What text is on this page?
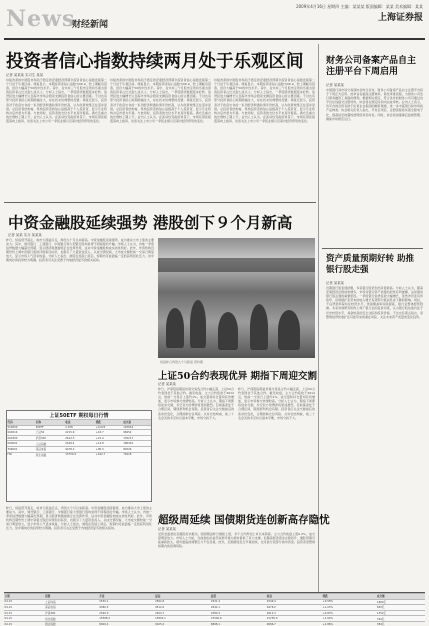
News
财经新闻
2009年4月16日 星期四 主编：某某某 版面编辑：某某 美术编辑：某某
上海证券报
投资者信心指数持续两月处于乐观区间
记者 某某某 实习生 某某
持续改善的中国股市和趋于稳定的宏观经济预期令投资者信心指数连续第二个月处于乐观区间。调查显示，本期投资者信心指数为66.9，较上期略有回落，但仍大幅高于50的中性水平。其中，对未来三个月股市走势持乐观态度的投资者占比达到七成以上。分析人士指出，一季度经济数据逐步好转、信贷投放大幅增长以及海外市场企稳是支撑投资者信心的主要因素。不过也有部分投资者担心短期涨幅过大，存在技术性调整的需要。调查还显示，投资者对于政府出台的一系列经济刺激政策评价较高，认为政策效果正在逐步显现。从投资者结构看，机构投资者的信心指数高于个人投资者，显示专业机构对后市更为乐观。与此同时，投资者的仓位水平也有所提高，满仓及重仓的比例较上期上升。业内人士认为，在流动性充裕的背景下，市场有望延续震荡向上格局，但需关注上市公司一季报业绩以及海外经济形势的变化。
持续改善的中国股市和趋于稳定的宏观经济预期令投资者信心指数连续第二个月处于乐观区间。调查显示，本期投资者信心指数为66.9，较上期略有回落，但仍大幅高于50的中性水平。其中，对未来三个月股市走势持乐观态度的投资者占比达到七成以上。分析人士指出，一季度经济数据逐步好转、信贷投放大幅增长以及海外市场企稳是支撑投资者信心的主要因素。不过也有部分投资者担心短期涨幅过大，存在技术性调整的需要。调查还显示，投资者对于政府出台的一系列经济刺激政策评价较高，认为政策效果正在逐步显现。从投资者结构看，机构投资者的信心指数高于个人投资者，显示专业机构对后市更为乐观。与此同时，投资者的仓位水平也有所提高，满仓及重仓的比例较上期上升。业内人士认为，在流动性充裕的背景下，市场有望延续震荡向上格局，但需关注上市公司一季报业绩以及海外经济形势的变化。
持续改善的中国股市和趋于稳定的宏观经济预期令投资者信心指数连续第二个月处于乐观区间。调查显示，本期投资者信心指数为66.9，较上期略有回落，但仍大幅高于50的中性水平。其中，对未来三个月股市走势持乐观态度的投资者占比达到七成以上。分析人士指出，一季度经济数据逐步好转、信贷投放大幅增长以及海外市场企稳是支撑投资者信心的主要因素。不过也有部分投资者担心短期涨幅过大，存在技术性调整的需要。调查还显示，投资者对于政府出台的一系列经济刺激政策评价较高，认为政策效果正在逐步显现。从投资者结构看，机构投资者的信心指数高于个人投资者，显示专业机构对后市更为乐观。与此同时，投资者的仓位水平也有所提高，满仓及重仓的比例较上期上升。业内人士认为，在流动性充裕的背景下，市场有望延续震荡向上格局，但需关注上市公司一季报业绩以及海外经济形势的变化。
财务公司备案产品自主注册平台下周启用
记者 某某某
中国银行间市场交易商协会昨日宣布，财务公司备案产品自主注册平台将于下周正式启用。此举旨在提高注册效率，简化审批流程，为财务公司发行债务融资工具提供便利。根据相关规定，符合条件的财务公司可通过该平台在线提交注册材料，协会将在规定时间内完成审核。业内人士表示，该平台的启用有助于拓宽企业集团的融资渠道，进一步丰富银行间市场的产品种类。协会相关负责人指出，平台启用后，注册流程将实现全程电子化，提高信息披露的透明度和及时性。同时，协会将加强事后监督管理，确保市场规范运行。
中资金融股延续强势 港股创下９个月新高
记者 某某 实习 某某某
昨日，恒指低开高走，收市大涨逾百点，再创九个月以来新高。中资金融股延续强势，成为推动大市上涨的主要动力。其中，建设银行、工商银行、中国银行等大型银行股均录得不同程度的升幅。市场人士认为，内地一季度信贷数据大幅超出预期，显示经济刺激措施正在发挥作用，这对中资金融股构成实质性利好。此外，外资机构近期纷纷上调中资银行股的评级和目标价，也吸引了大量资金流入。从成交情况看，大市成交额较前一交易日明显放大，显示市场人气逐步恢复。分析人士指出，港股在连续上涨后，短期内可能面临一定的获利回吐压力，但中期向好的趋势较为明确。投资者可关注受惠于内地经济复苏的相关板块。
恒指昨日再创九个月新高 资料图
上证50ETF 期权每日行情
代码	名称	收盘	涨跌	成交量
510050	50ETF	2.358	+0.023	125634
000016	上证50	2215.6	+18.7	98452
000300	沪深300	2612.3	+21.4	135217
000001	上证指数	2549.4	+14.8	186402
399001	深证成指	9478.2	+96.3	84526
HSI	恒生指数	15750.9	+162.7	76218
上证50合约表现优异 期指下周迎交割
记者 某某某
昨日，沪深股指期货仿真交易各合约小幅走高，上证50合约表现优于其他合约。截至收盘，主力合约报收于2612点，较前一交易日上涨约1%。成交量和持仓量均有所增加，显示市场参与热情较高。分析人士认为，期指下周即将迎来交割，多空双方的博弈将更加激烈。目前基差处于合理区间，期现套利机会有限。投资者应关注交割前后的流动性变化，合理控制仓位风险。从持仓结构看，前二十名会员的多空持仓基本平衡，市场分歧不大。
昨日，沪深股指期货仿真交易各合约小幅走高，上证50合约表现优于其他合约。截至收盘，主力合约报收于2612点，较前一交易日上涨约1%。成交量和持仓量均有所增加，显示市场参与热情较高。分析人士认为，期指下周即将迎来交割，多空双方的博弈将更加激烈。目前基差处于合理区间，期现套利机会有限。投资者应关注交割前后的流动性变化，合理控制仓位风险。从持仓结构看，前二十名会员的多空持仓基本平衡，市场分歧不大。
超级周延续 国债期货连创新高存隐忧
记者 某某某
受资金面宽松及避险需求推动，国债期货昨日继续上涨，多个合约再创上市以来新高。主力合约收盘上涨0.2%，成交量明显放大。市场人士分析，当前宽松的货币政策环境为债市提供了有力支撑，但随着经济逐步企稳回升，通胀预期可能重新抬头，债市面临的调整压力不容忽视。此外，近期新股发行节奏加快，也可能分流部分债市资金。投资者需警惕短期内的回调风险。
昨日，恒指低开高走，收市大涨逾百点，再创九个月以来新高。中资金融股延续强势，成为推动大市上涨的主要动力。其中，建设银行、工商银行、中国银行等大型银行股均录得不同程度的升幅。市场人士认为，内地一季度信贷数据大幅超出预期，显示经济刺激措施正在发挥作用，这对中资金融股构成实质性利好。此外，外资机构近期纷纷上调中资银行股的评级和目标价，也吸引了大量资金流入。从成交情况看，大市成交额较前一交易日明显放大，显示市场人气逐步恢复。分析人士指出，港股在连续上涨后，短期内可能面临一定的获利回吐压力，但中期向好的趋势较为明确。投资者可关注受惠于内地经济复苏的相关板块。
资产质量预期好转 助推银行股走强
记者 某某某
近期银行股表现抢眼，多家银行股价创出阶段新高。分析人士认为，随着宏观经济企稳迹象增多，市场对银行资产质量的担忧有所缓解，这是推动银行股走强的重要原因。一季度银行信贷投放大幅增长，虽然净息差有所收窄，但规模扩张带来的收入增长有望部分抵消息差下降的影响。同时，不良贷款率保持在较低水平，拨备覆盖率持续提高，银行业整体经营稳健。多家券商研究机构上调了银行业的投资评级，认为银行股估值仍处于历史较低水平，具备较高的安全边际和投资价值。不过也有观点指出，需警惕信贷快速扩张可能带来的潜在风险，关注未来资产质量的变化趋势。
日期	指数	开盘	最高	最低	收盘	涨跌	成交额
04-15	上证综指	2530.1	2562.8	2521.4	2549.4	+0.58%	1864亿
04-15	深证成指	9380.5	9512.6	9342.1	9478.2	+1.03%	845亿
04-15	沪深300	2590.9	2624.7	2580.3	2612.3	+0.83%	1352亿
04-15	恒生指数	15588.2	15802.1	15540.6	15750.9	+1.04%	762亿
04-15	国企指数	8920.4	9105.2	8898.1	9086.7	+1.86%	384亿
